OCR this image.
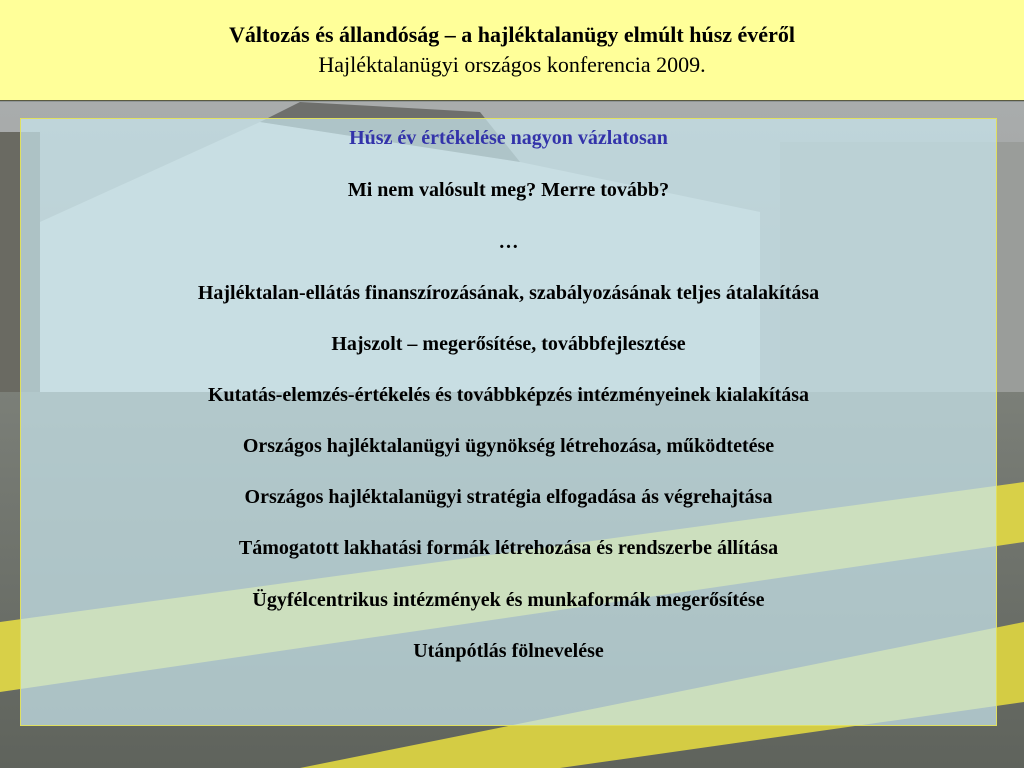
Változás és állandóság – a hajléktalanügy elmúlt húsz évéről
Hajléktalanügyi országos konferencia 2009.
Húsz év értékelése nagyon vázlatosan
Mi nem valósult meg? Merre tovább?
…
Hajléktalan-ellátás finanszírozásának, szabályozásának teljes átalakítása
Hajszolt – megerősítése, továbbfejlesztése
Kutatás-elemzés-értékelés és továbbképzés intézményeinek kialakítása
Országos hajléktalanügyi ügynökség létrehozása, működtetése
Országos hajléktalanügyi stratégia elfogadása ás végrehajtása
Támogatott lakhatási formák létrehozása és rendszerbe állítása
Ügyfélcentrikus intézmények és munkaformák megerősítése
Utánpótlás fölnevelése
